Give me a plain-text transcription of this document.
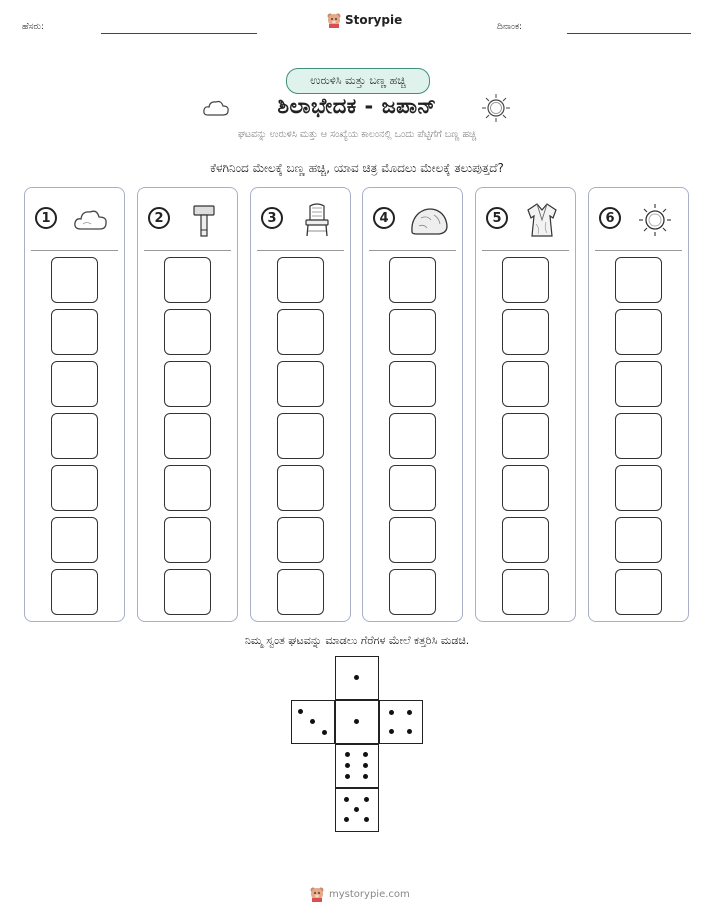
ಹೆಸರು:	Storypie	ದಿನಾಂಕ:
ಉರುಳಿಸಿ ಮತ್ತು ಬಣ್ಣ ಹಚ್ಚಿ
ಶಿಲಾಭೇದಕ - ಜಪಾನ್
ಘಟವನ್ನು ಉರುಳಿಸಿ ಮತ್ತು ಆ ಸಂಖ್ಯೆಯ ಕಾಲಂನಲ್ಲಿ ಒಂದು ಪೆಟ್ಟಿಗೆಗೆ ಬಣ್ಣ ಹಚ್ಚಿ
ಕೆಳಗಿನಿಂದ ಮೇಲಕ್ಕೆ ಬಣ್ಣ ಹಚ್ಚಿ, ಯಾವ ಚಿತ್ರ ಮೊದಲು ಮೇಲಕ್ಕೆ ತಲುಪುತ್ತದೆ?
1	2	3	4	5	6
ನಿಮ್ಮ ಸ್ವಂತ ಘಟವನ್ನು ಮಾಡಲು ಗೆರೆಗಳ ಮೇಲೆ ಕತ್ತರಿಸಿ ಮಡಚಿ.
mystorypie.com
